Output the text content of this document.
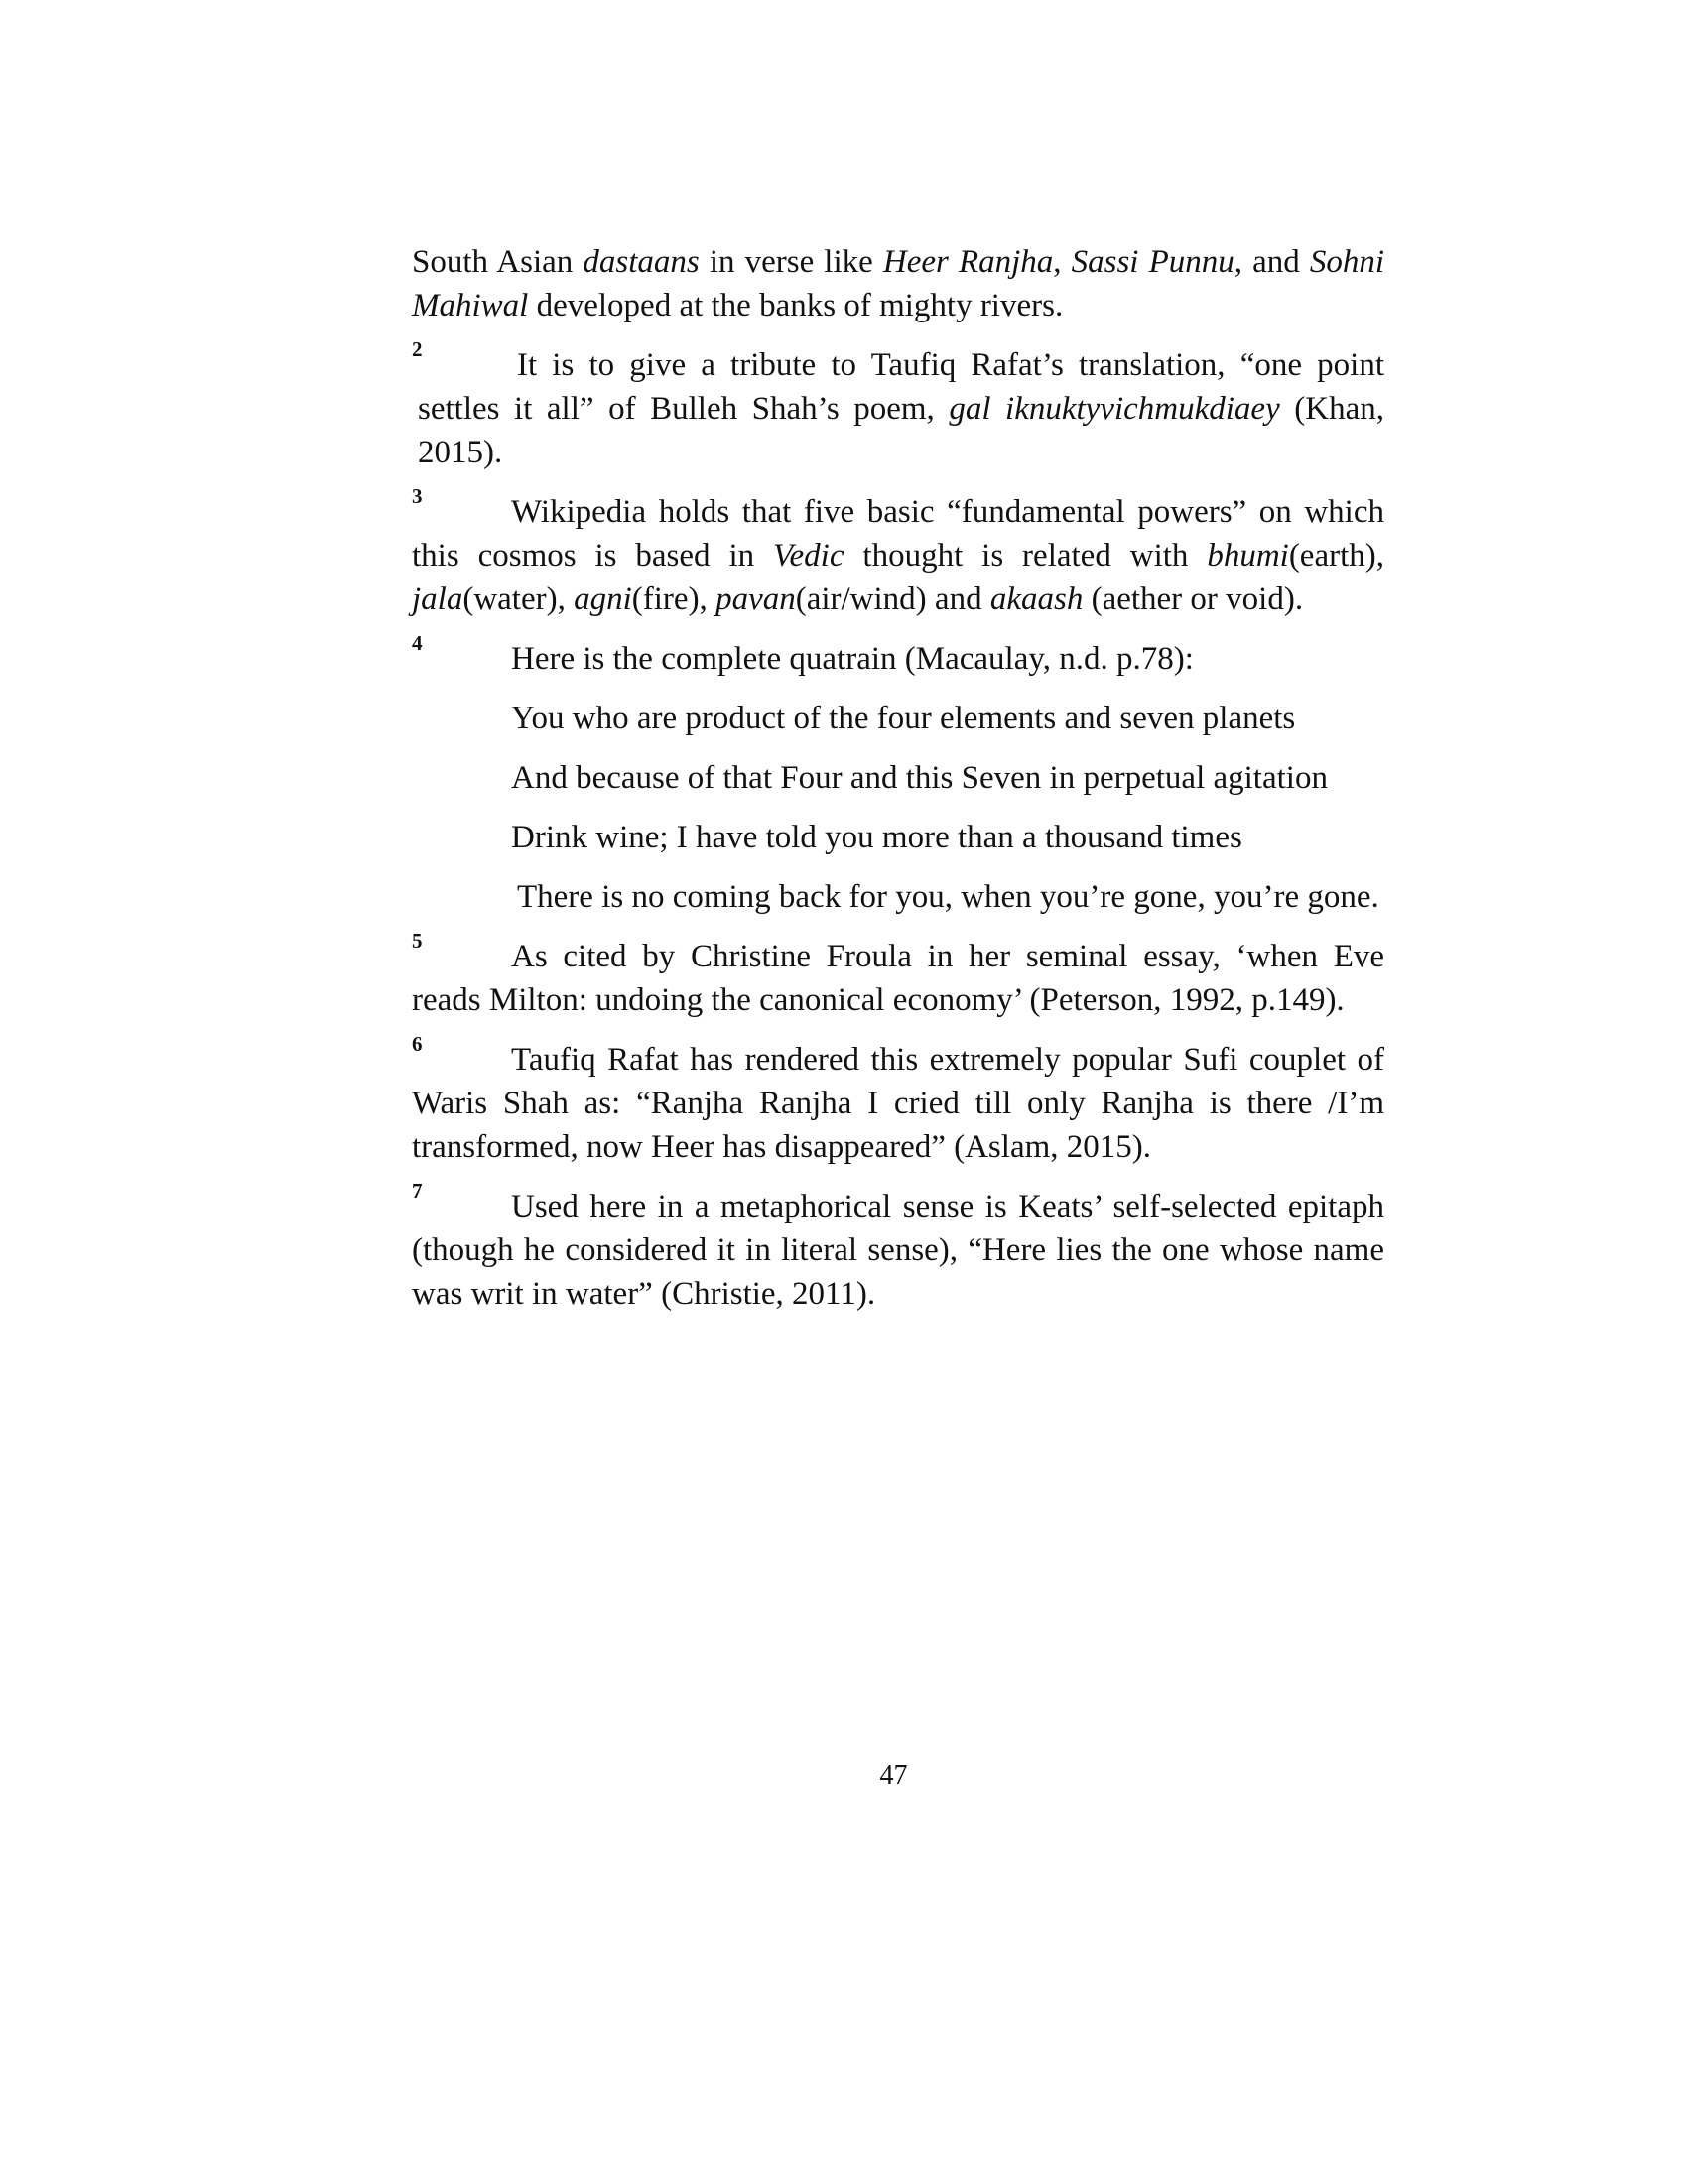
South Asian dastaans in verse like Heer Ranjha, Sassi Punnu, and Sohni Mahiwal developed at the banks of mighty rivers.

2	It is to give a tribute to Taufiq Rafat’s translation, “one point settles it all” of Bulleh Shah’s poem, gal iknuktyvichmukdiaey (Khan, 2015).

3	Wikipedia holds that five basic “fundamental powers” on which this cosmos is based in Vedic thought is related with bhumi(earth), jala(water), agni(fire), pavan(air/wind) and akaash (aether or void).

4	Here is the complete quatrain (Macaulay, n.d. p.78):

You who are product of the four elements and seven planets

And because of that Four and this Seven in perpetual agitation

Drink wine; I have told you more than a thousand times

There is no coming back for you, when you’re gone, you’re gone.

5	As cited by Christine Froula in her seminal essay, ‘when Eve reads Milton: undoing the canonical economy’ (Peterson, 1992, p.149).

6	Taufiq Rafat has rendered this extremely popular Sufi couplet of Waris Shah as: “Ranjha Ranjha I cried till only Ranjha is there /I’m transformed, now Heer has disappeared” (Aslam, 2015).

7	Used here in a metaphorical sense is Keats’ self-selected epitaph (though he considered it in literal sense), “Here lies the one whose name was writ in water” (Christie, 2011).

47
